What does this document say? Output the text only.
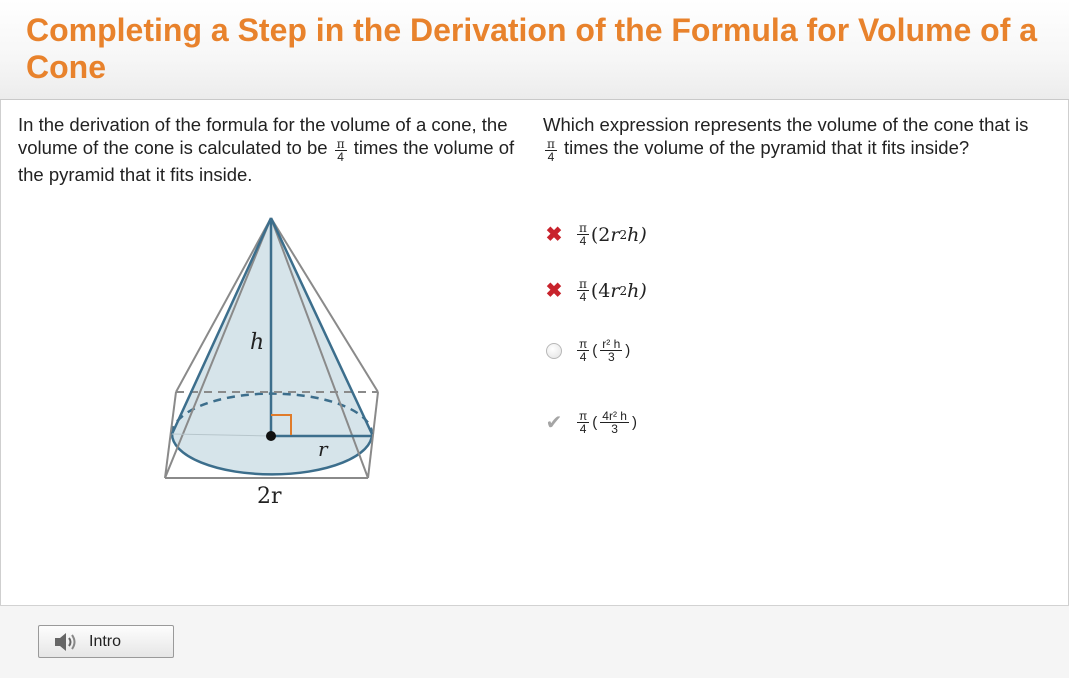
Completing a Step in the Derivation of the Formula for Volume of a Cone
In the derivation of the formula for the volume of a cone, the volume of the cone is calculated to be $\frac{\pi}{4}$ times the volume of the pyramid that it fits inside.
h
r
2r
Which expression represents the volume of the cone that is
$\frac{\pi}{4}$ times the volume of the pyramid that it fits inside?
✖ $\frac{\pi}{4} (2$ r 2 h)
✖ $\frac{\pi}{4} (4$ r 2 h)
$\frac{\pi}{4}$ ( $\frac{\text{r² h}}{3}$ )
✔ $\frac{\pi}{4}$ ( $\frac{\text{4r² h}}{3}$ )
Intro
